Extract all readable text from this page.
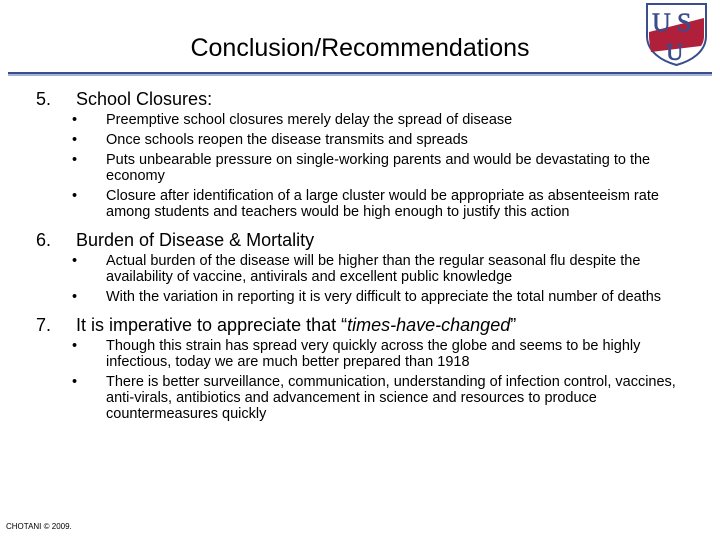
Conclusion/Recommendations
U S
U
5.	School Closures:
•	Preemptive school closures merely delay the spread of disease
•	Once schools reopen the disease transmits and spreads
•	Puts unbearable pressure on single-working parents and would be devastating to the economy
•	Closure after identification of a large cluster would be appropriate as absenteeism rate among students and teachers would be high enough to justify this action
6.	Burden of Disease & Mortality
•	Actual burden of the disease will be higher than the regular seasonal flu despite the availability of vaccine, antivirals and excellent public knowledge
•	With the variation in reporting it is very difficult to appreciate the total number of deaths
7.	It is imperative to appreciate that “times-have-changed”
•	Though this strain has spread very quickly across the globe and seems to be highly infectious, today we are much better prepared than 1918
•	There is better surveillance, communication, understanding of infection control, vaccines, anti-virals, antibiotics and advancement in science and resources to produce countermeasures quickly
CHOTANI © 2009.
